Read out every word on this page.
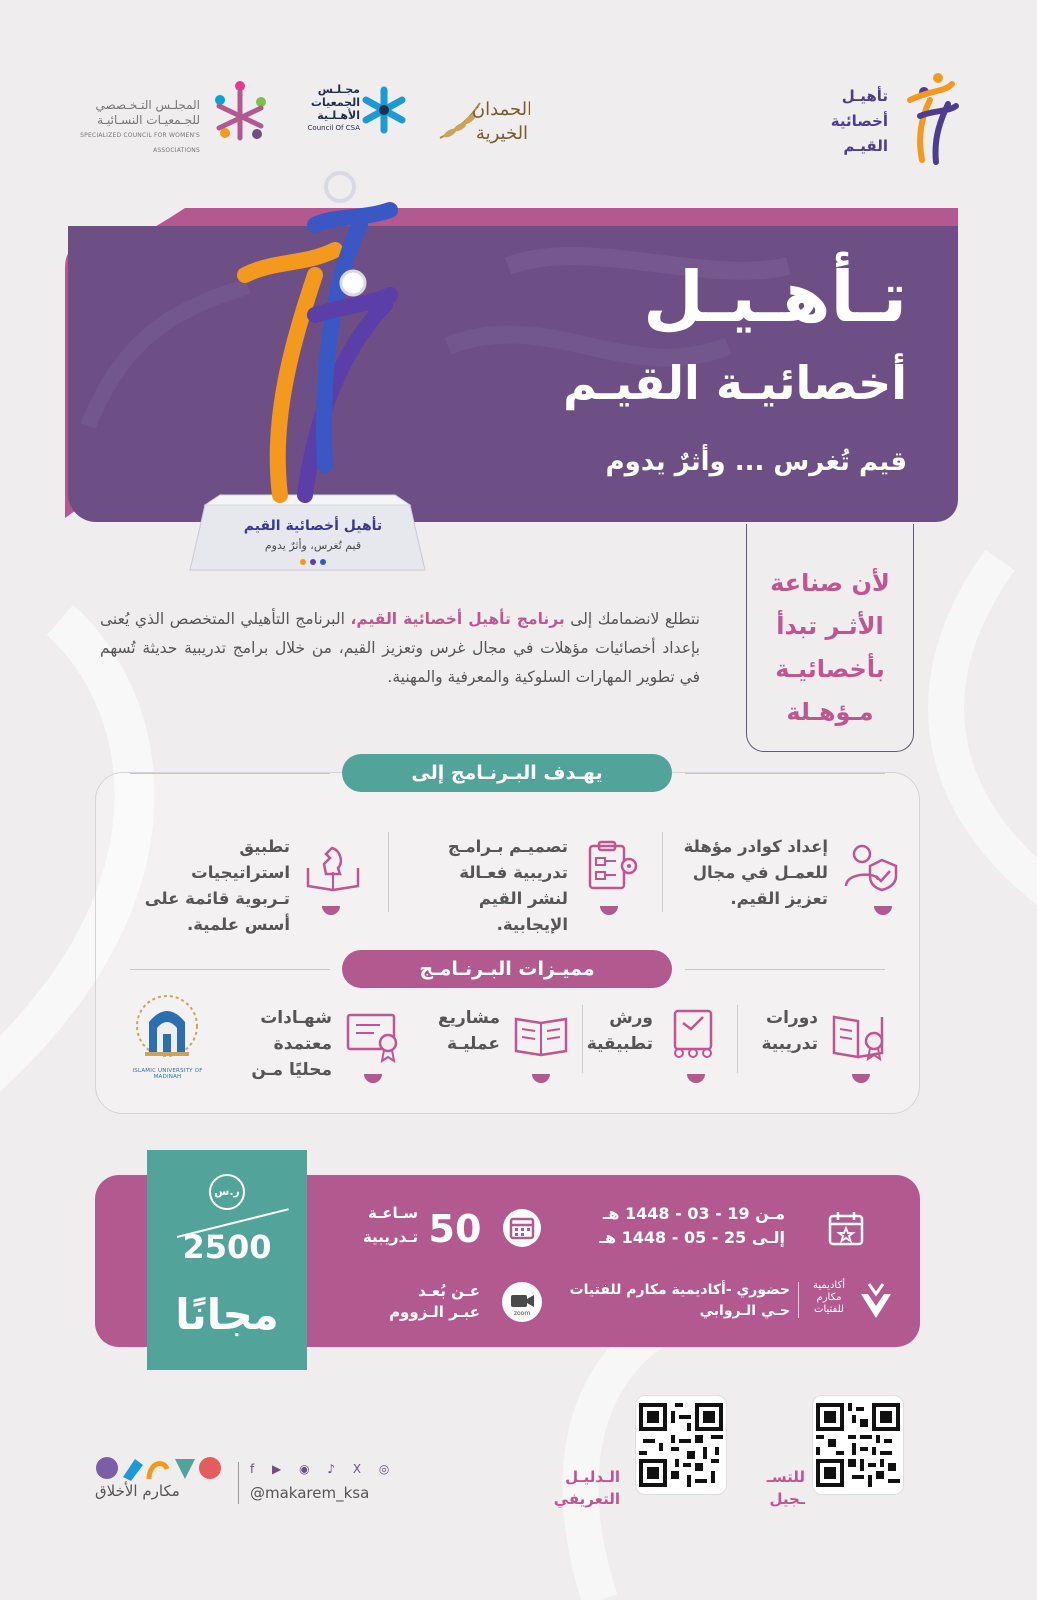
تأهيـل
أخصائية
القيـم
المجلـس التـخـصصي
للجـمعيـات النسـائيـة
SPECIALIZED COUNCIL FOR WOMEN'S ASSOCIATIONS
مجـلـس
الجمعيات
الأهـلـية
Council Of CSA
الحمدان
الخيرية
تأهيل أخصائية القيم
قيم تُغرس، وأثرٌ يدوم
تـأهـيـل
أخصائيـة القيـم
قيم تُغرس ... وأثرٌ يدوم
لأن صناعة
الأثـر تبدأ
بأخصائيـة
مـؤهـلة

نتطلع لانضمامك إلى برنامج تأهيل أخصائية القيم، البرنامج التأهيلي المتخصص الذي يُعنى بإعداد أخصائيات مؤهلات في مجال غرس وتعزيز القيم، من خلال برامج تدريبية حديثة تُسهم في تطوير المهارات السلوكية والمعرفية والمهنية.

يهـدف البـرنـامج إلى
إعداد كوادر مؤهلة للعمـل في مجال تعزيز القيم.
تصميـم بـرامـج تدريبية فعـالة لنشر القيم الإيجابية.
تطبيق استراتيجيات تـربوية قائمة على أسس علمية.
مميـزات البـرنـامـج
دورات تدريبية
ورش تطبيقية
مشاريع عمليـة
شهـادات معتمدة محليًا مـن
ISLAMIC UNIVERSITY OF MADINAH
ر.س
2500
مجانًا
مـن 19 - 03 - 1448 هـ
إلـى 25 - 05 - 1448 هـ
50
سـاعـة
تـدريبية
أكاديمية
مكارم
للفتيات
حضوري -أكاديمية مكارم للفتيات
حـي الـروابي
zoom
عـن بُعـد
عبـر الـزووم
للتسـ
ـجيل
الـدليـل
التعريفي
مكارم الأخلاق
f ▶ ◉ ♪ X ◎
@makarem_ksa
